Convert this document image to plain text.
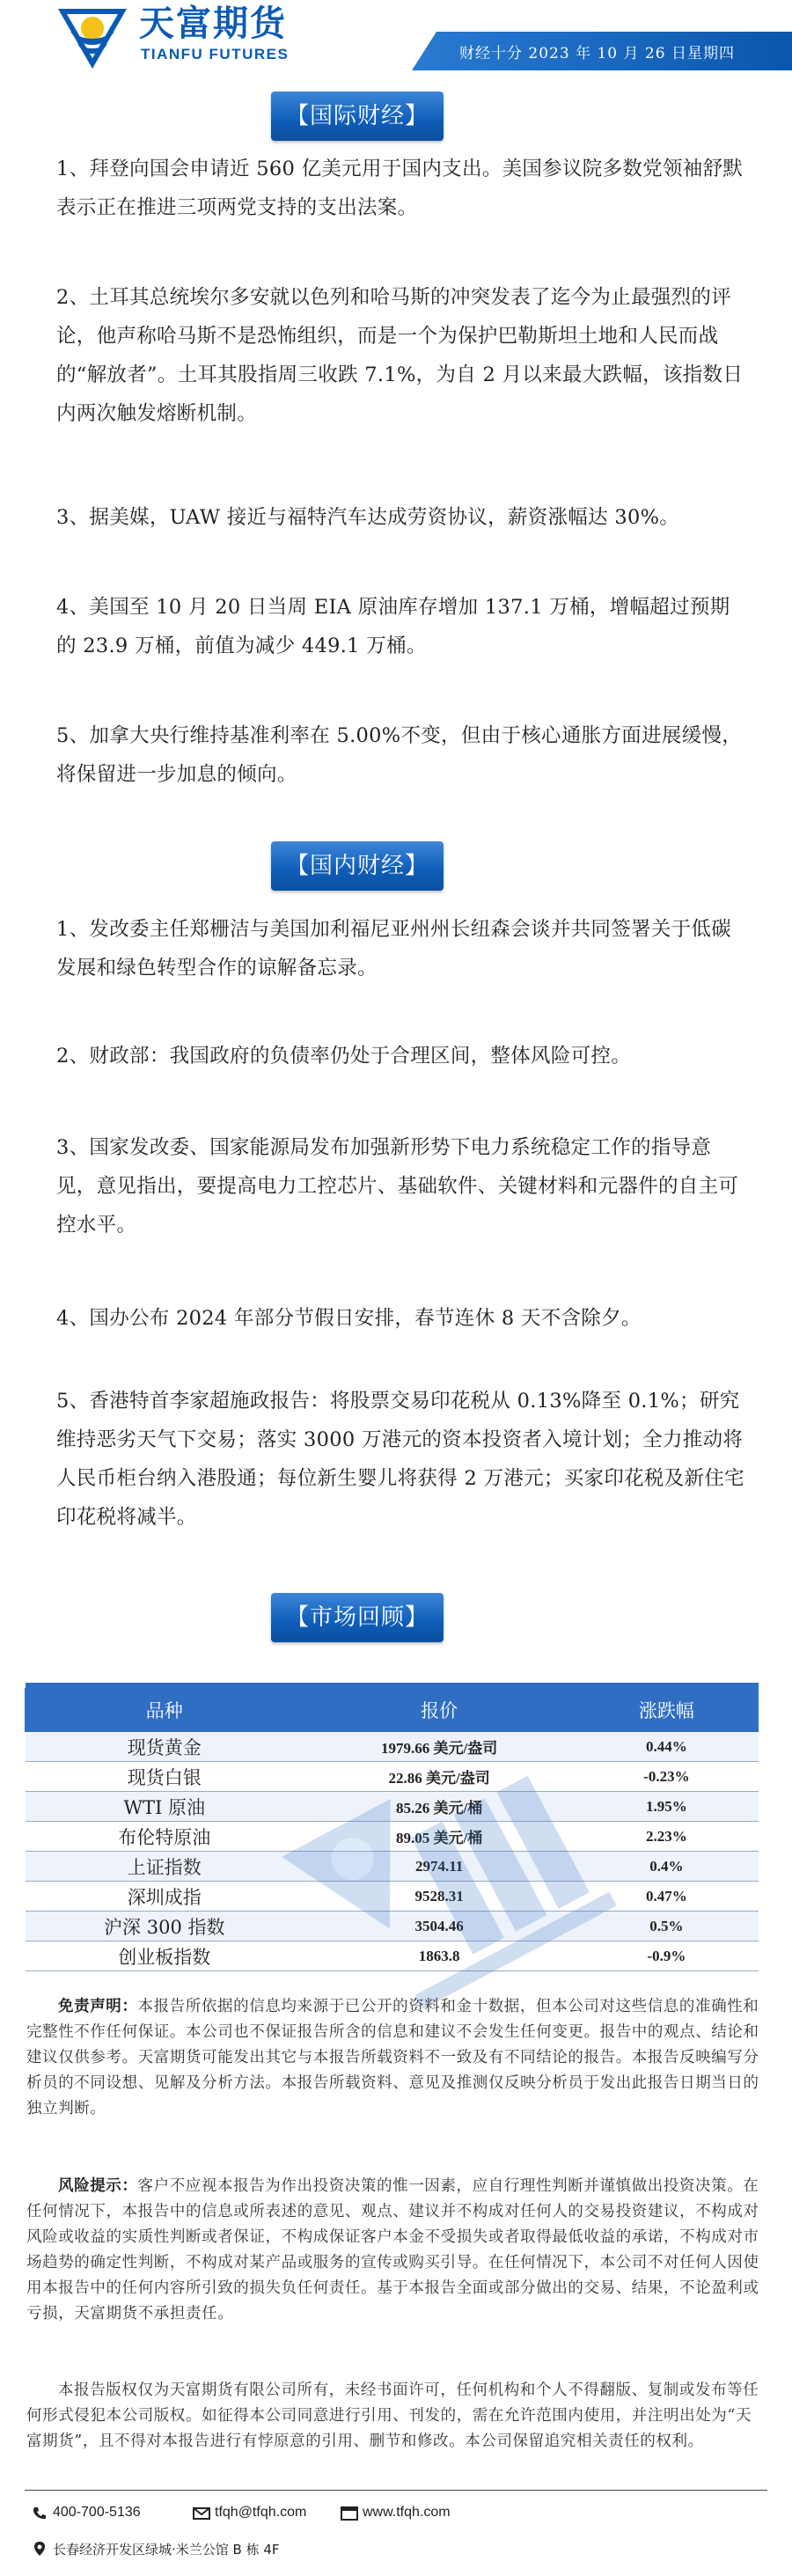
天富期货
TIANFU FUTURES	财经十分 2023 年 10 月 26 日星期四
【国际财经】

1、拜登向国会申请近 560 亿美元用于国内支出。美国参议院多数党领袖舒默表示正在推进三项两党支持的支出法案。

2、土耳其总统埃尔多安就以色列和哈马斯的冲突发表了迄今为止最强烈的评论，他声称哈马斯不是恐怖组织，而是一个为保护巴勒斯坦土地和人民而战的“解放者”。土耳其股指周三收跌 7.1%，为自 2 月以来最大跌幅，该指数日内两次触发熔断机制。

3、据美媒，UAW 接近与福特汽车达成劳资协议，薪资涨幅达 30%。

4、美国至 10 月 20 日当周 EIA 原油库存增加 137.1 万桶，增幅超过预期的 23.9 万桶，前值为减少 449.1 万桶。

5、加拿大央行维持基准利率在 5.00%不变，但由于核心通胀方面进展缓慢，将保留进一步加息的倾向。

【国内财经】

1、发改委主任郑栅洁与美国加利福尼亚州州长纽森会谈并共同签署关于低碳发展和绿色转型合作的谅解备忘录。

2、财政部：我国政府的负债率仍处于合理区间，整体风险可控。

3、国家发改委、国家能源局发布加强新形势下电力系统稳定工作的指导意见，意见指出，要提高电力工控芯片、基础软件、关键材料和元器件的自主可控水平。

4、国办公布 2024 年部分节假日安排，春节连休 8 天不含除夕。

5、香港特首李家超施政报告：将股票交易印花税从 0.13%降至 0.1%；研究维持恶劣天气下交易；落实 3000 万港元的资本投资者入境计划；全力推动将人民币柜台纳入港股通；每位新生婴儿将获得 2 万港元；买家印花税及新住宅印花税将减半。

【市场回顾】

品种	报价	涨跌幅
现货黄金	1979.66 美元/盎司	0.44%
现货白银	22.86 美元/盎司	-0.23%
WTI 原油	85.26 美元/桶	1.95%
布伦特原油	89.05 美元/桶	2.23%
上证指数	2974.11	0.4%
深圳成指	9528.31	0.47%
沪深 300 指数	3504.46	0.5%
创业板指数	1863.8	-0.9%

免责声明：本报告所依据的信息均来源于已公开的资料和金十数据，但本公司对这些信息的准确性和完整性不作任何保证。本公司也不保证报告所含的信息和建议不会发生任何变更。报告中的观点、结论和建议仅供参考。天富期货可能发出其它与本报告所载资料不一致及有不同结论的报告。本报告反映编写分析员的不同设想、见解及分析方法。本报告所载资料、意见及推测仅反映分析员于发出此报告日期当日的独立判断。

风险提示：客户不应视本报告为作出投资决策的惟一因素，应自行理性判断并谨慎做出投资决策。在任何情况下，本报告中的信息或所表述的意见、观点、建议并不构成对任何人的交易投资建议，不构成对风险或收益的实质性判断或者保证，不构成保证客户本金不受损失或者取得最低收益的承诺，不构成对市场趋势的确定性判断，不构成对某产品或服务的宣传或购买引导。在任何情况下，本公司不对任何人因使用本报告中的任何内容所引致的损失负任何责任。基于本报告全面或部分做出的交易、结果，不论盈利或亏损，天富期货不承担责任。

本报告版权仅为天富期货有限公司所有，未经书面许可，任何机构和个人不得翻版、复制或发布等任何形式侵犯本公司版权。如征得本公司同意进行引用、刊发的，需在允许范围内使用，并注明出处为“天富期货”，且不得对本报告进行有悖原意的引用、删节和修改。本公司保留追究相关责任的权利。

400-700-5136	tfqh@tfqh.com	www.tfqh.com
长春经济开发区绿城·米兰公馆 B 栋 4F
